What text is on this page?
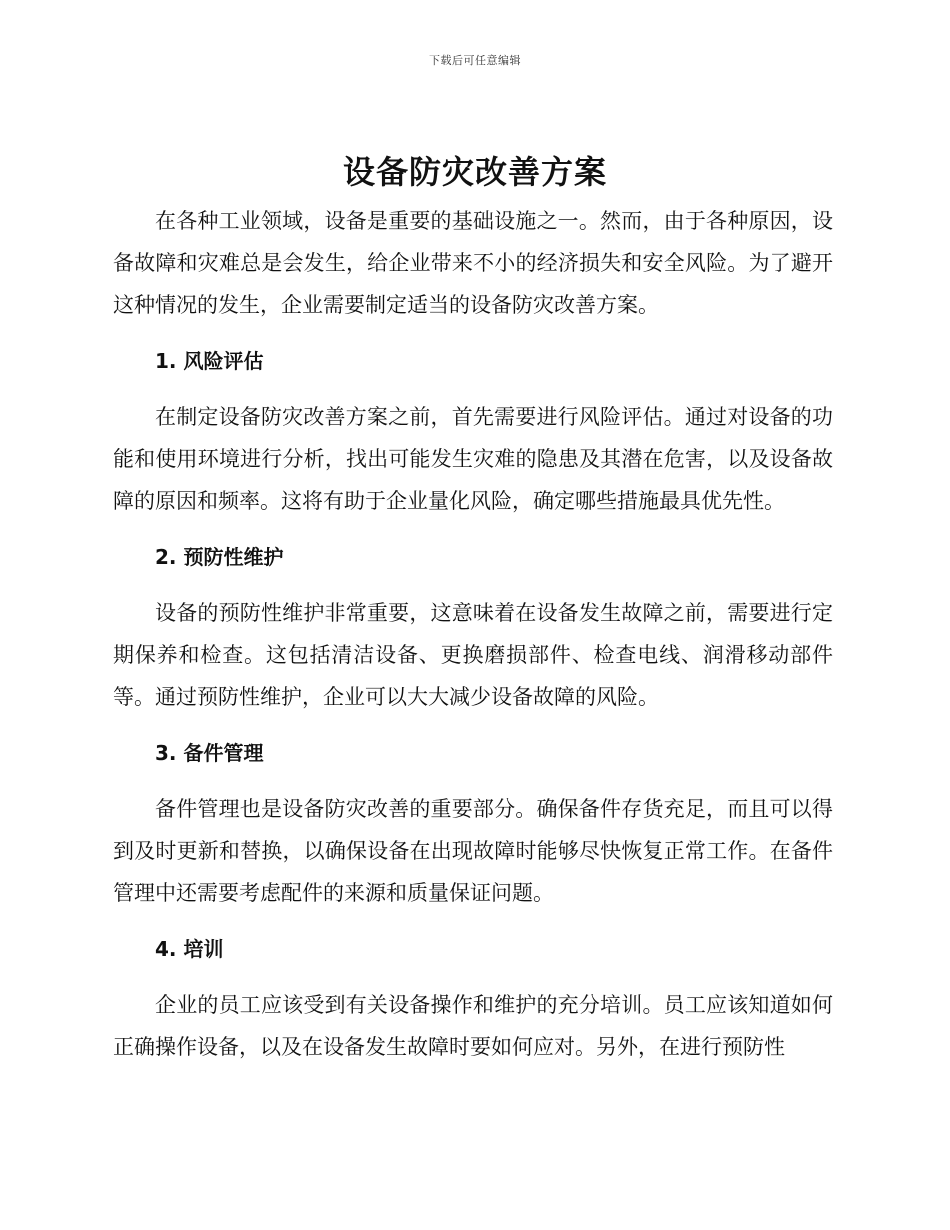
下载后可任意编辑
设备防灾改善方案

在各种工业领域，设备是重要的基础设施之一。然而，由于各种原因，设备故障和灾难总是会发生，给企业带来不小的经济损失和安全风险。为了避开这种情况的发生，企业需要制定适当的设备防灾改善方案。

1. 风险评估

在制定设备防灾改善方案之前，首先需要进行风险评估。通过对设备的功能和使用环境进行分析，找出可能发生灾难的隐患及其潜在危害，以及设备故障的原因和频率。这将有助于企业量化风险，确定哪些措施最具优先性。

2. 预防性维护

设备的预防性维护非常重要，这意味着在设备发生故障之前，需要进行定期保养和检查。这包括清洁设备、更换磨损部件、检查电线、润滑移动部件等。通过预防性维护，企业可以大大减少设备故障的风险。

3. 备件管理

备件管理也是设备防灾改善的重要部分。确保备件存货充足，而且可以得到及时更新和替换，以确保设备在出现故障时能够尽快恢复正常工作。在备件管理中还需要考虑配件的来源和质量保证问题。

4. 培训

企业的员工应该受到有关设备操作和维护的充分培训。员工应该知道如何正确操作设备，以及在设备发生故障时要如何应对。另外，在进行预防性
